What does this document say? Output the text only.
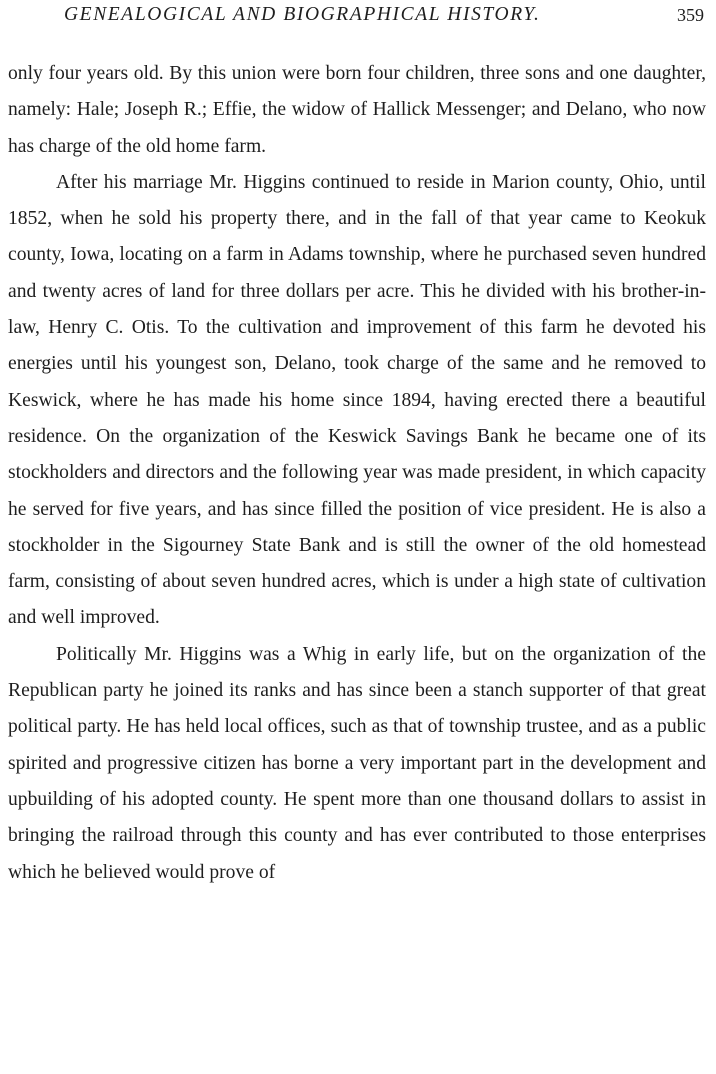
GENEALOGICAL AND BIOGRAPHICAL HISTORY.	359

only four years old. By this union were born four children, three sons and one daughter, namely: Hale; Joseph R.; Effie, the widow of Hallick Messenger; and Delano, who now has charge of the old home farm.

After his marriage Mr. Higgins continued to reside in Marion county, Ohio, until 1852, when he sold his property there, and in the fall of that year came to Keokuk county, Iowa, locating on a farm in Adams township, where he purchased seven hundred and twenty acres of land for three dollars per acre. This he divided with his brother-in-law, Henry C. Otis. To the cultivation and improvement of this farm he devoted his energies until his youngest son, Delano, took charge of the same and he removed to Keswick, where he has made his home since 1894, having erected there a beautiful residence. On the organization of the Keswick Savings Bank he became one of its stockholders and directors and the following year was made president, in which capacity he served for five years, and has since filled the position of vice president. He is also a stockholder in the Sigourney State Bank and is still the owner of the old homestead farm, consisting of about seven hundred acres, which is under a high state of cultivation and well improved.

Politically Mr. Higgins was a Whig in early life, but on the organization of the Republican party he joined its ranks and has since been a stanch supporter of that great political party. He has held local offices, such as that of township trustee, and as a public spirited and progressive citizen has borne a very important part in the development and upbuilding of his adopted county. He spent more than one thousand dollars to assist in bringing the railroad through this county and has ever contributed to those enterprises which he believed would prove of
